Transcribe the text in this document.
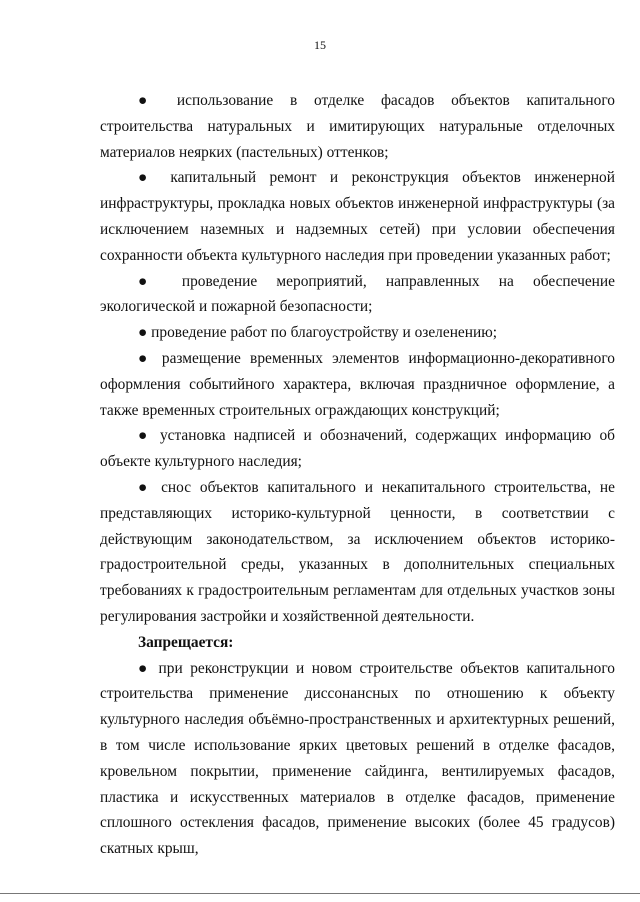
15

● использование в отделке фасадов объектов капитального строительства натуральных и имитирующих натуральные отделочных материалов неярких (пастельных) оттенков;

● капитальный ремонт и реконструкция объектов инженерной инфраструктуры, прокладка новых объектов инженерной инфраструктуры (за исключением наземных и надземных сетей) при условии обеспечения сохранности объекта культурного наследия при проведении указанных работ;

● проведение мероприятий, направленных на обеспечение экологической и пожарной безопасности;

● проведение работ по благоустройству и озеленению;

● размещение временных элементов информационно-декоративного оформления событийного характера, включая праздничное оформление, а также временных строительных ограждающих конструкций;

● установка надписей и обозначений, содержащих информацию об объекте культурного наследия;

● снос объектов капитального и некапитального строительства, не представляющих историко-культурной ценности, в соответствии с действующим законодательством, за исключением объектов историко-градостроительной среды, указанных в дополнительных специальных требованиях к градостроительным регламентам для отдельных участков зоны регулирования застройки и хозяйственной деятельности.

Запрещается:

● при реконструкции и новом строительстве объектов капитального строительства применение диссонансных по отношению к объекту культурного наследия объёмно-пространственных и архитектурных решений, в том числе использование ярких цветовых решений в отделке фасадов, кровельном покрытии, применение сайдинга, вентилируемых фасадов, пластика и искусственных материалов в отделке фасадов, применение сплошного остекления фасадов, применение высоких (более 45 градусов) скатных крыш,
